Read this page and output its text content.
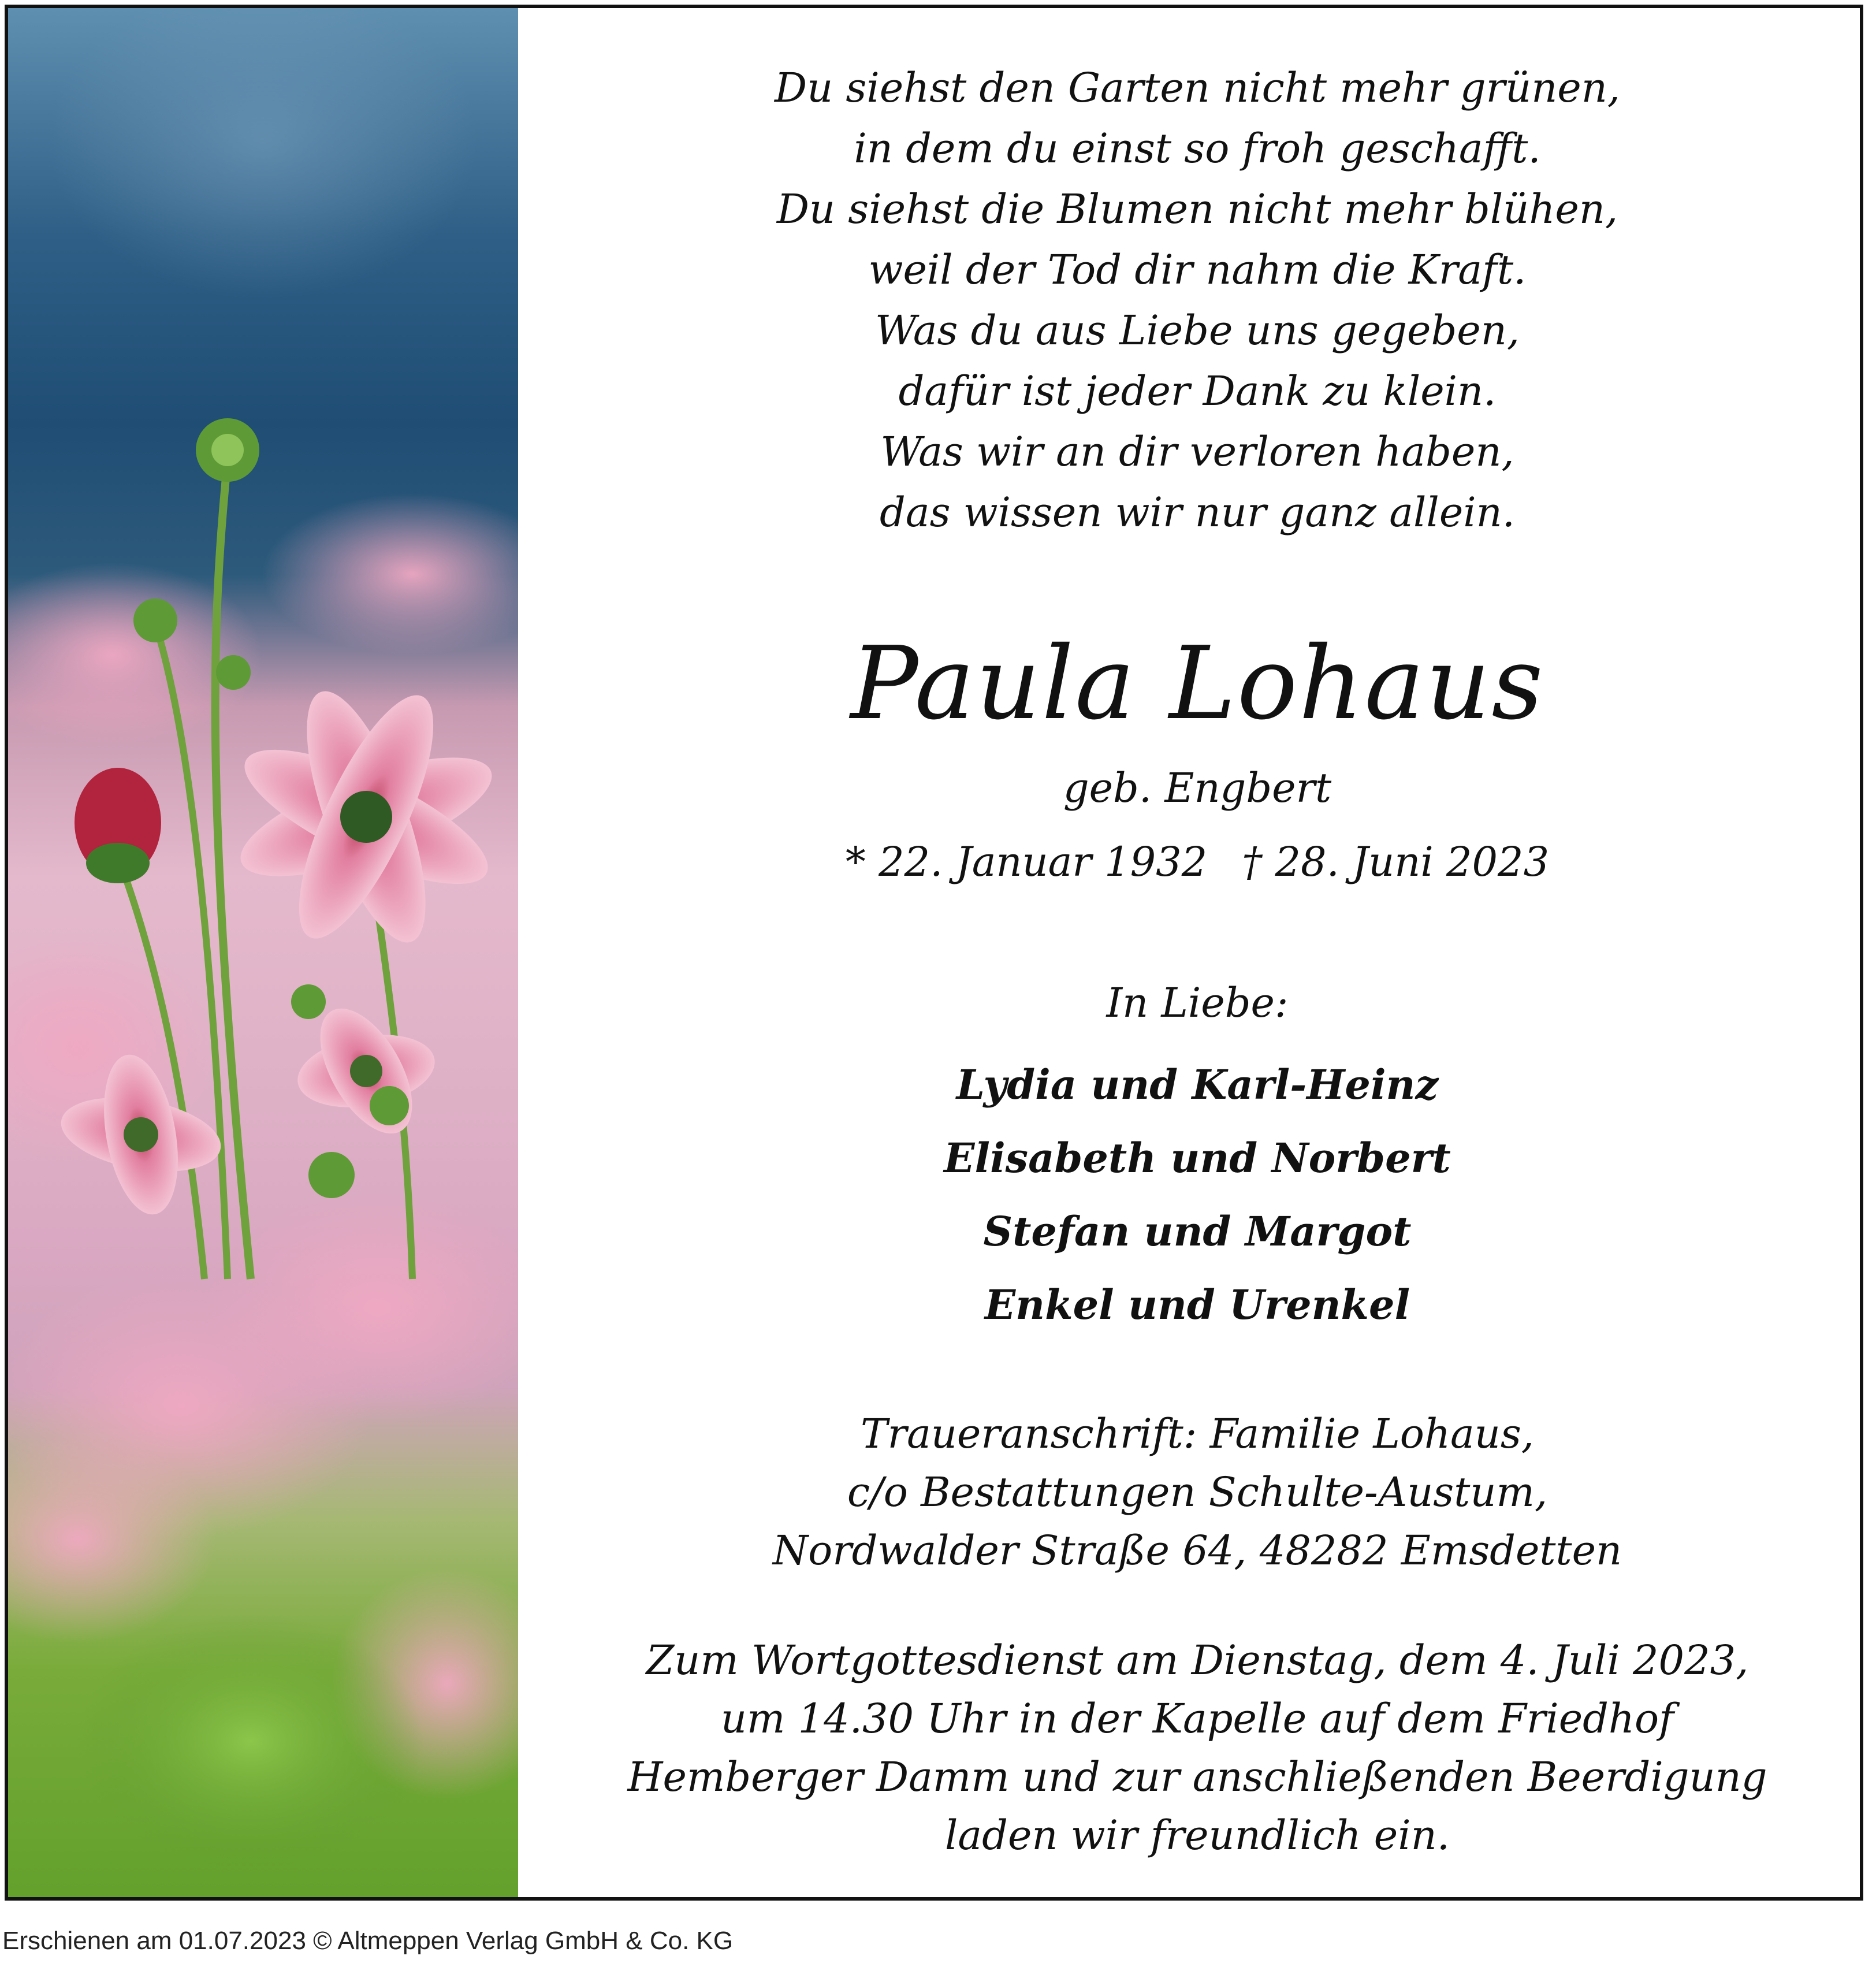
Du siehst den Garten nicht mehr grünen,
in dem du einst so froh geschafft.
Du siehst die Blumen nicht mehr blühen,
weil der Tod dir nahm die Kraft.
Was du aus Liebe uns gegeben,
dafür ist jeder Dank zu klein.
Was wir an dir verloren haben,
das wissen wir nur ganz allein.
Paula Lohaus
geb. Engbert
* 22. Januar 1932 † 28. Juni 2023
In Liebe:
Lydia und Karl-Heinz
Elisabeth und Norbert
Stefan und Margot
Enkel und Urenkel
Traueranschrift: Familie Lohaus,
c/o Bestattungen Schulte-Austum,
Nordwalder Straße 64, 48282 Emsdetten
Zum Wortgottesdienst am Dienstag, dem 4. Juli 2023,
um 14.30 Uhr in der Kapelle auf dem Friedhof
Hemberger Damm und zur anschließenden Beerdigung
laden wir freundlich ein.
Erschienen am 01.07.2023 © Altmeppen Verlag GmbH & Co. KG
